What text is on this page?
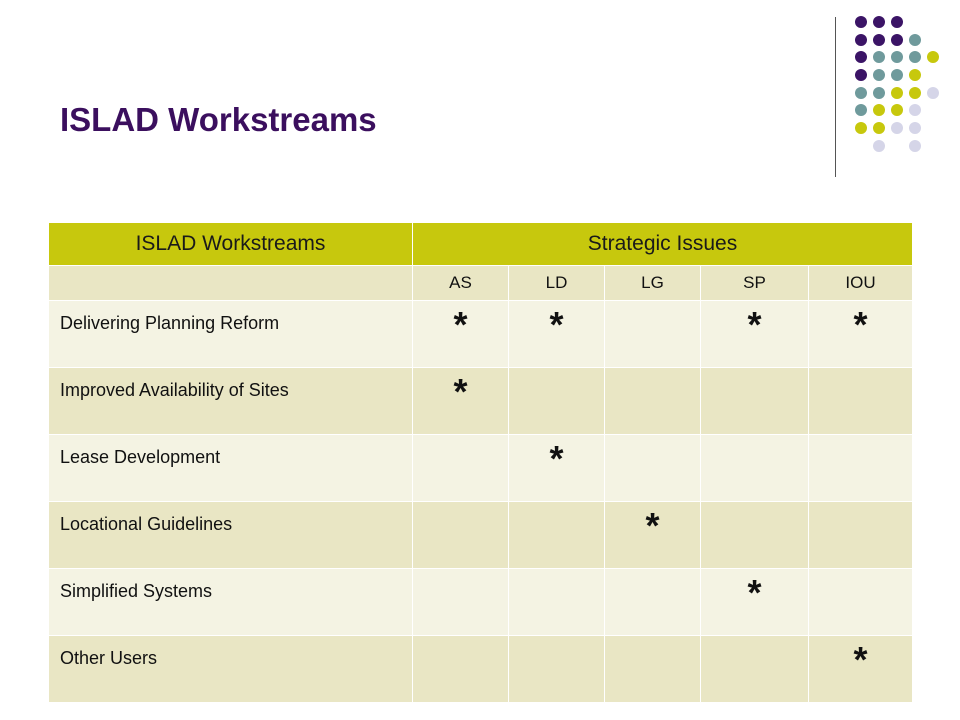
ISLAD Workstreams
ISLAD Workstreams	Strategic Issues				
	AS	LD	LG	SP	IOU
Delivering Planning Reform	*	*		*	*
Improved Availability of Sites	*				
Lease Development		*			
Locational Guidelines			*		
Simplified Systems				*	
Other Users					*
